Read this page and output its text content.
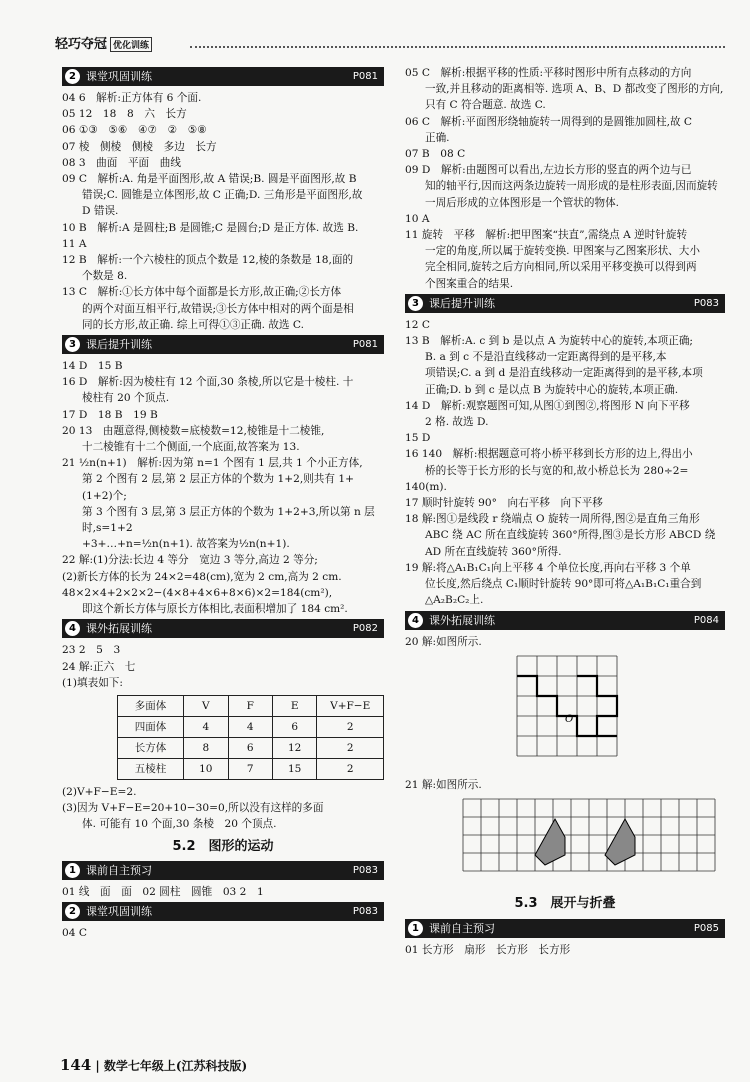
轻巧夺冠 优化训练
2 课堂巩固训练	P081
04 6　解析:正方体有 6 个面.
05 12　18　8　六　长方
06 ①③　⑤⑥　④⑦　②　⑤⑧
07 棱　侧棱　侧棱　多边　长方
08 3　曲面　平面　曲线
09 C　解析:A. 角是平面图形,故 A 错误;B. 圆是平面图形,故 B
错误;C. 圆锥是立体图形,故 C 正确;D. 三角形是平面图形,故
D 错误.
10 B　解析:A 是圆柱;B 是圆锥;C 是圆台;D 是正方体. 故选 B.
11 A
12 B　解析:一个六棱柱的顶点个数是 12,棱的条数是 18,面的
个数是 8.
13 C　解析:①长方体中每个面都是长方形,故正确;②长方体
的两个对面互相平行,故错误;③长方体中相对的两个面是相
同的长方形,故正确. 综上可得①③正确. 故选 C.
3 课后提升训练	P081
14 D　15 B
16 D　解析:因为棱柱有 12 个面,30 条棱,所以它是十棱柱. 十
棱柱有 20 个顶点.
17 D　18 B　19 B
20 13　由题意得,侧棱数=底棱数=12,棱锥是十二棱锥,
十二棱锥有十二个侧面,一个底面,故答案为 13.
21 ½n(n+1)　解析:因为第 n=1 个图有 1 层,共 1 个小正方体,
第 2 个图有 2 层,第 2 层正方体的个数为 1+2,则共有 1+(1+2)个;
第 3 个图有 3 层,第 3 层正方体的个数为 1+2+3,所以第 n 层时,s=1+2
+3+…+n=½n(n+1). 故答案为½n(n+1).
22 解:(1)分法:长边 4 等分　宽边 3 等分,高边 2 等分;
(2)新长方体的长为 24×2=48(cm),宽为 2 cm,高为 2 cm.
48×2×4+2×2×2−(4×8+4×6+8×6)×2=184(cm²),
即这个新长方体与原长方体相比,表面积增加了 184 cm².
4 课外拓展训练	P082
23 2　5　3
24 解:正六　七
(1)填表如下:
多面体	V	F	E	V+F−E
四面体	4	4	6	2
长方体	8	6	12	2
五棱柱	10	7	15	2
(2)V+F−E=2.
(3)因为 V+F−E=20+10−30=0,所以没有这样的多面
体. 可能有 10 个面,30 条棱　20 个顶点.
5.2　图形的运动
1 课前自主预习	P083
01 线　面　面　02 圆柱　圆锥　03 2　1
2 课堂巩固训练	P083
04 C
05 C　解析:根据平移的性质:平移时图形中所有点移动的方向
一致,并且移动的距离相等. 选项 A、B、D 都改变了图形的方向,
只有 C 符合题意. 故选 C.
06 C　解析:平面图形绕轴旋转一周得到的是圆锥加圆柱,故 C
正确.
07 B　08 C
09 D　解析:由题图可以看出,左边长方形的竖直的两个边与已
知的轴平行,因而这两条边旋转一周形成的是柱形表面,因而旋转
一周后形成的立体图形是一个管状的物体.
10 A
11 旋转　平移　解析:把甲图案“扶直”,需绕点 A 逆时针旋转
一定的角度,所以属于旋转变换. 甲图案与乙图案形状、大小
完全相同,旋转之后方向相同,所以采用平移变换可以得到两
个图案重合的结果.
3 课后提升训练	P083
12 C
13 B　解析:A. c 到 b 是以点 A 为旋转中心的旋转,本项正确;
B. a 到 c 不是沿直线移动一定距离得到的是平移,本
项错误;C. a 到 d 是沿直线移动一定距离得到的是平移,本项
正确;D. b 到 c 是以点 B 为旋转中心的旋转,本项正确.
14 D　解析:观察题图可知,从图①到图②,将图形 N 向下平移
2 格. 故选 D.
15 D
16 140　解析:根据题意可将小桥平移到长方形的边上,得出小
桥的长等于长方形的长与宽的和,故小桥总长为 280÷2=
140(m).
17 顺时针旋转 90°　向右平移　向下平移
18 解:图①是线段 r 绕端点 O 旋转一周所得,图②是直角三角形
ABC 绕 AC 所在直线旋转 360°所得,图③是长方形 ABCD 绕
AD 所在直线旋转 360°所得.
19 解:将△A₁B₁C₁向上平移 4 个单位长度,再向右平移 3 个单
位长度,然后绕点 C₁顺时针旋转 90°即可将△A₁B₁C₁重合到
△A₂B₂C₂上.
4 课外拓展训练	P084
20 解:如图所示.
O
21 解:如图所示.
5.3　展开与折叠
1 课前自主预习	P085
01 长方形　扇形　长方形　长方形
144 | 数学七年级上(江苏科技版)
